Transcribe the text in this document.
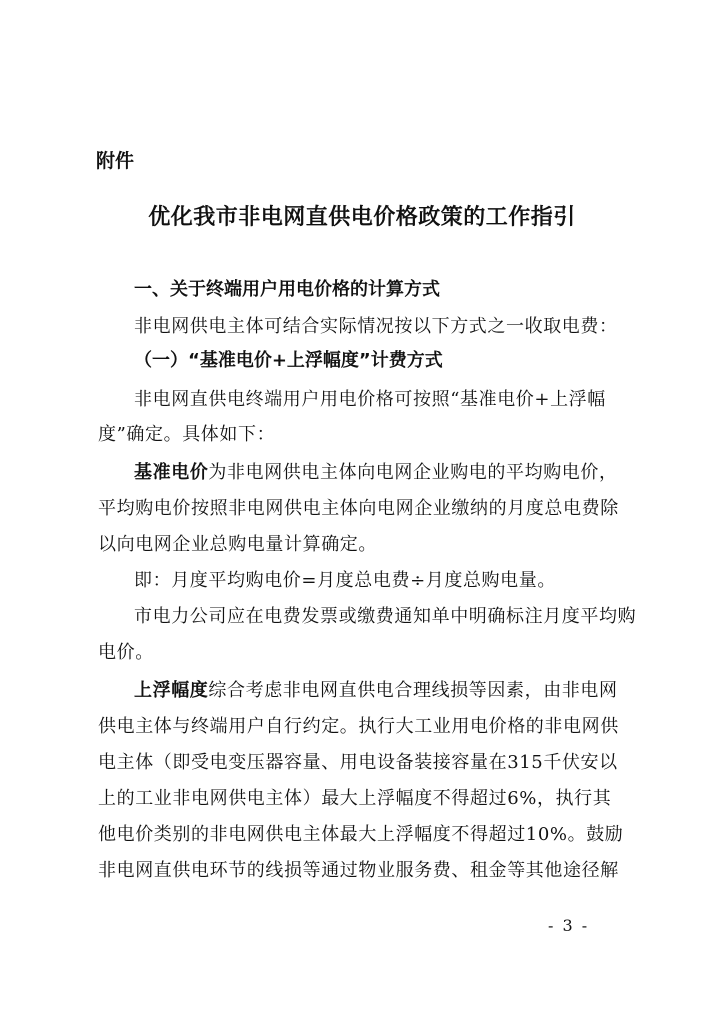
附件
优化我市非电网直供电价格政策的工作指引
一、关于终端用户用电价格的计算方式
非电网供电主体可结合实际情况按以下方式之一收取电费：
（一）“基准电价+上浮幅度”计费方式
非电网直供电终端用户用电价格可按照“基准电价+上浮幅
度”确定。具体如下：
基准电价为非电网供电主体向电网企业购电的平均购电价，
平均购电价按照非电网供电主体向电网企业缴纳的月度总电费除
以向电网企业总购电量计算确定。
即：月度平均购电价=月度总电费÷月度总购电量。
市电力公司应在电费发票或缴费通知单中明确标注月度平均购
电价。
上浮幅度综合考虑非电网直供电合理线损等因素，由非电网
供电主体与终端用户自行约定。执行大工业用电价格的非电网供
电主体（即受电变压器容量、用电设备装接容量在315千伏安以
上的工业非电网供电主体）最大上浮幅度不得超过6%，执行其
他电价类别的非电网供电主体最大上浮幅度不得超过10%。鼓励
非电网直供电环节的线损等通过物业服务费、租金等其他途径解
- 3 -
